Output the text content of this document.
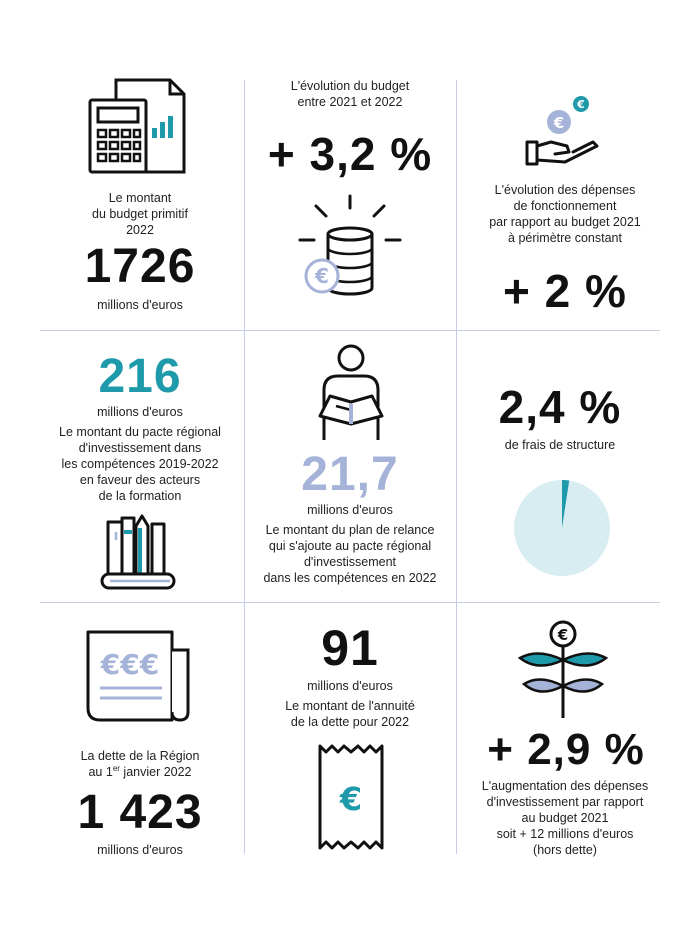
Le montant
du budget primitif
2022
1726
millions d'euros
L'évolution du budget
entre 2021 et 2022
+ 3,2 %
€
€
€
L'évolution des dépenses
de fonctionnement
par rapport au budget 2021
à périmètre constant
+ 2 %
216
millions d'euros
Le montant du pacte régional
d'investissement dans
les compétences 2019-2022
en faveur des acteurs
de la formation	21,7
millions d'euros
Le montant du plan de relance
qui s'ajoute au pacte régional
d'investissement
dans les compétences en 2022
2,4 %
de frais de structure
€€€
La dette de la Région
au 1er janvier 2022
1 423
millions d'euros
91
millions d'euros
Le montant de l'annuité
de la dette pour 2022
€
€
+ 2,9 %
L'augmentation des dépenses
d'investissement par rapport
au budget 2021
soit + 12 millions d'euros
(hors dette)
